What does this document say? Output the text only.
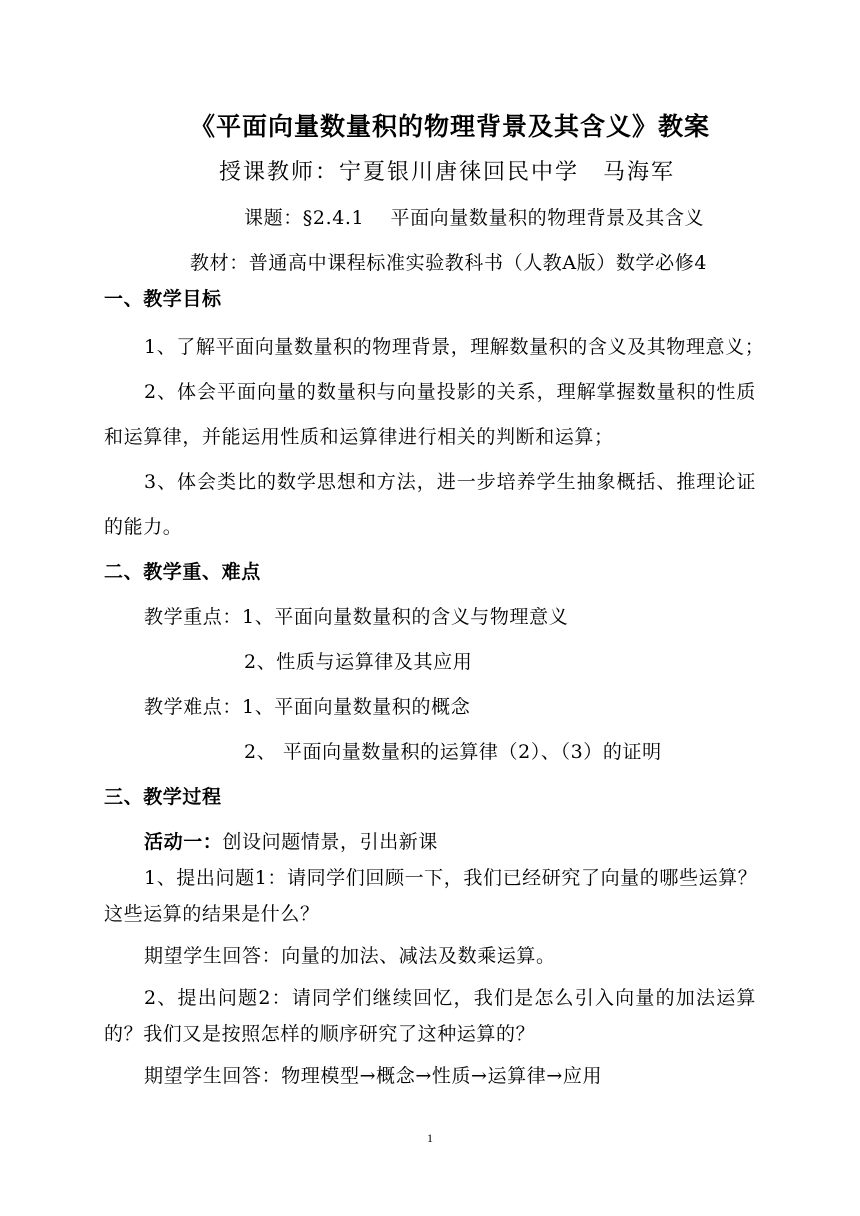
《平面向量数量积的物理背景及其含义》教案
授课教师：宁夏银川唐徕回民中学　马海军
课题：§2.4.1　 平面向量数量积的物理背景及其含义
教材：普通高中课程标准实验教科书（人教A版）数学必修4
一、教学目标
1、了解平面向量数量积的物理背景，理解数量积的含义及其物理意义；
2、体会平面向量的数量积与向量投影的关系，理解掌握数量积的性质
和运算律，并能运用性质和运算律进行相关的判断和运算；
3、体会类比的数学思想和方法，进一步培养学生抽象概括、推理论证
的能力。
二、教学重、难点
教学重点：1、平面向量数量积的含义与物理意义
2、性质与运算律及其应用
教学难点：1、平面向量数量积的概念
2、 平面向量数量积的运算律（2）、（3）的证明
三、教学过程
活动一：创设问题情景，引出新课
1、提出问题1：请同学们回顾一下，我们已经研究了向量的哪些运算？
这些运算的结果是什么？
期望学生回答：向量的加法、减法及数乘运算。
2、提出问题2：请同学们继续回忆，我们是怎么引入向量的加法运算
的？我们又是按照怎样的顺序研究了这种运算的？
期望学生回答：物理模型→概念→性质→运算律→应用
1
